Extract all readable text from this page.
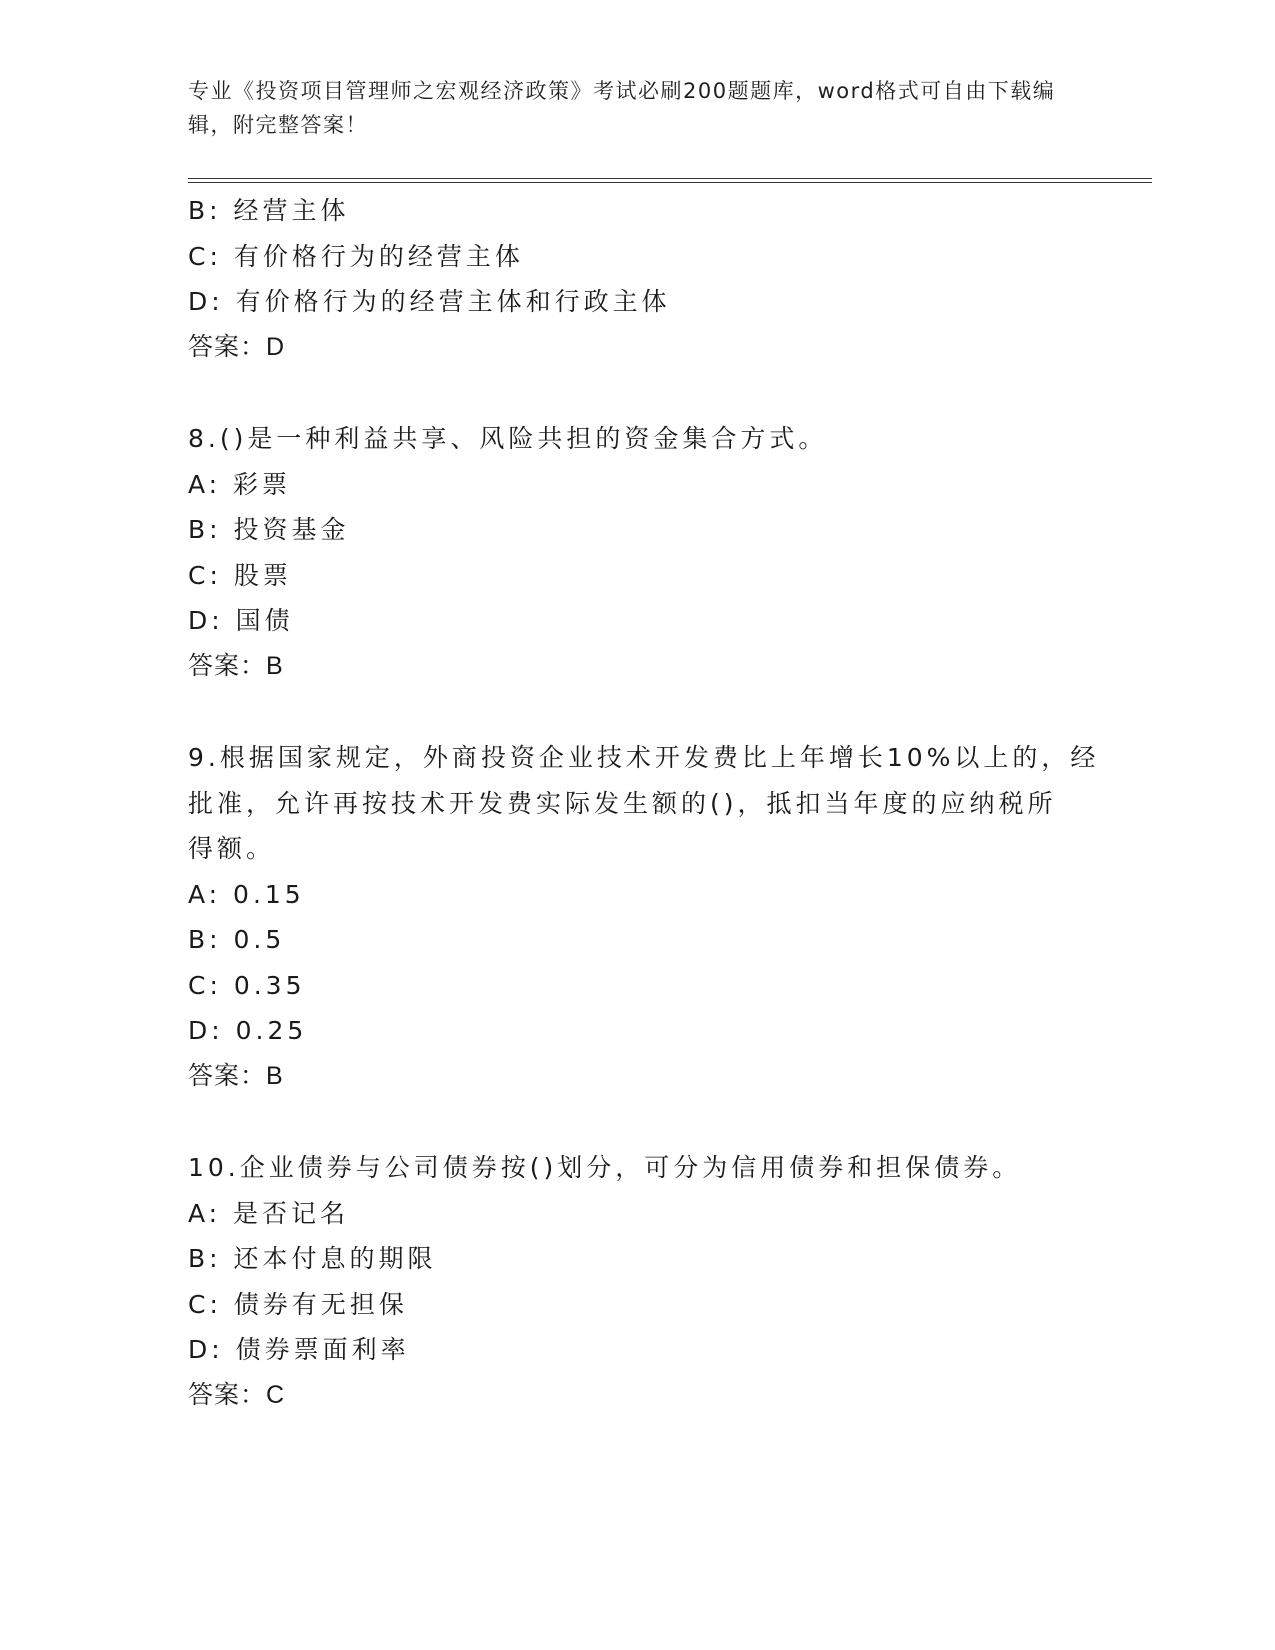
专业《投资项目管理师之宏观经济政策》考试必刷200题题库，word格式可自由下载编辑，附完整答案！
B: 经营主体
C: 有价格行为的经营主体
D: 有价格行为的经营主体和行政主体
答案：D
8.()是一种利益共享、风险共担的资金集合方式。
A: 彩票
B: 投资基金
C: 股票
D: 国债
答案：B
9.根据国家规定，外商投资企业技术开发费比上年增长10%以上的，经
批准，允许再按技术开发费实际发生额的()，抵扣当年度的应纳税所
得额。
A: 0.15
B: 0.5
C: 0.35
D: 0.25
答案：B
10.企业债券与公司债券按()划分，可分为信用债券和担保债券。
A: 是否记名
B: 还本付息的期限
C: 债券有无担保
D: 债券票面利率
答案：C
